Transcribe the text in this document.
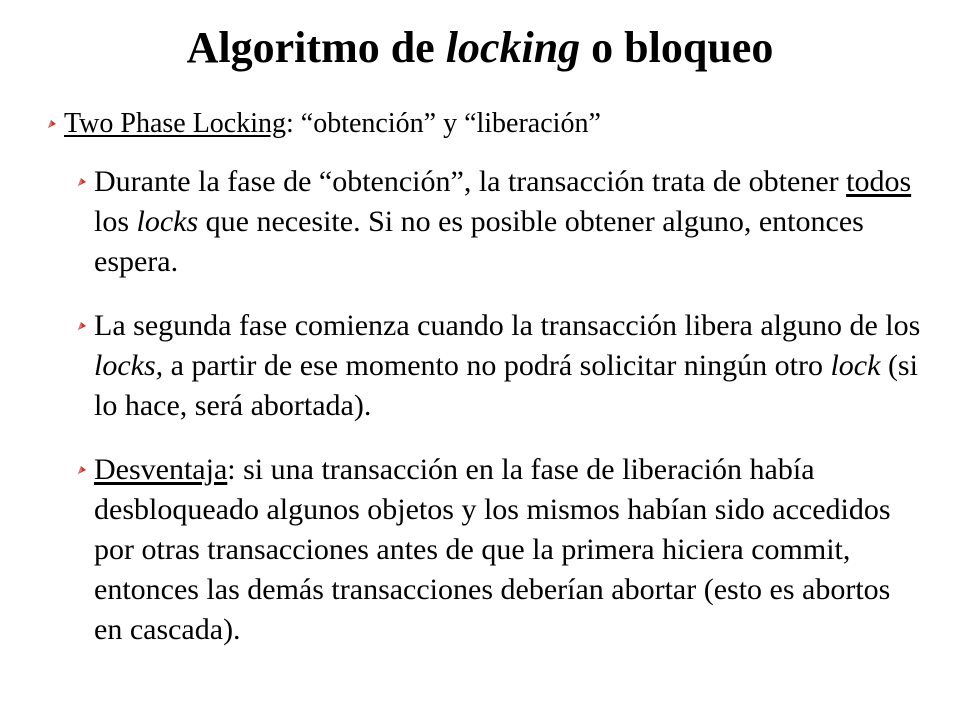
Algoritmo de locking o bloqueo
Two Phase Locking: “obtención” y “liberación”
Durante la fase de “obtención”, la transacción trata de obtener todos los locks que necesite. Si no es posible obtener alguno, entonces espera.
La segunda fase comienza cuando la transacción libera alguno de los locks, a partir de ese momento no podrá solicitar ningún otro lock (si lo hace, será abortada).
Desventaja: si una transacción en la fase de liberación había desbloqueado algunos objetos y los mismos habían sido accedidos por otras transacciones antes de que la primera hiciera commit, entonces las demás transacciones deberían abortar (esto es abortos en cascada).
